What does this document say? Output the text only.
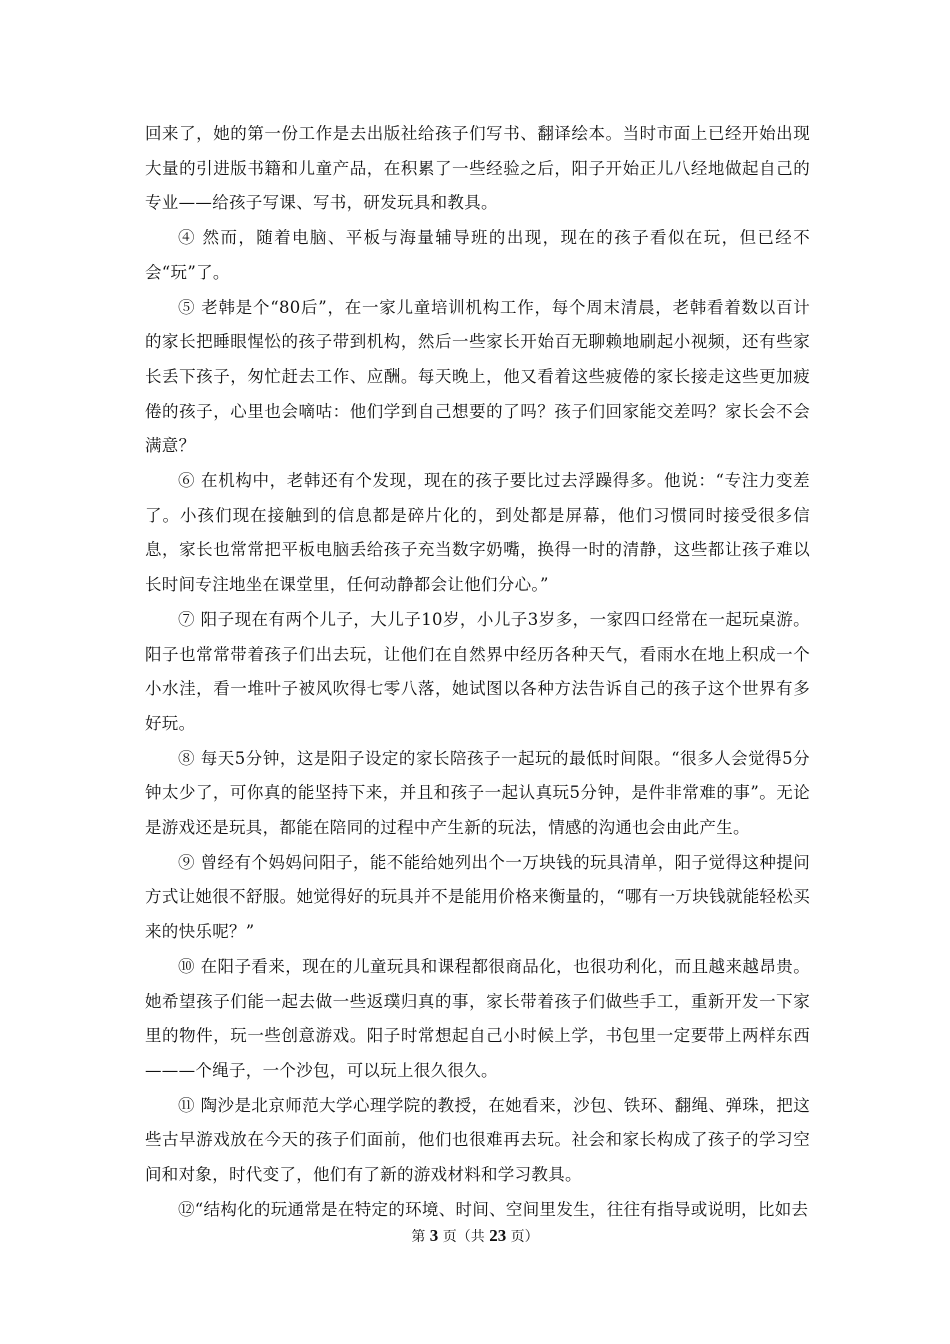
回来了，她的第一份工作是去出版社给孩子们写书、翻译绘本。当时市面上已经开始出现大量的引进版书籍和儿童产品，在积累了一些经验之后，阳子开始正儿八经地做起自己的专业——给孩子写课、写书，研发玩具和教具。

④ 然而，随着电脑、平板与海量辅导班的出现，现在的孩子看似在玩，但已经不会“玩”了。

⑤ 老韩是个“80后”，在一家儿童培训机构工作，每个周末清晨，老韩看着数以百计的家长把睡眼惺忪的孩子带到机构，然后一些家长开始百无聊赖地刷起小视频，还有些家长丢下孩子，匆忙赶去工作、应酬。每天晚上，他又看着这些疲倦的家长接走这些更加疲倦的孩子，心里也会嘀咕：他们学到自己想要的了吗？孩子们回家能交差吗？家长会不会满意？

⑥ 在机构中，老韩还有个发现，现在的孩子要比过去浮躁得多。他说：“专注力变差了。小孩们现在接触到的信息都是碎片化的，到处都是屏幕，他们习惯同时接受很多信息，家长也常常把平板电脑丢给孩子充当数字奶嘴，换得一时的清静，这些都让孩子难以长时间专注地坐在课堂里，任何动静都会让他们分心。”

⑦ 阳子现在有两个儿子，大儿子10岁，小儿子3岁多，一家四口经常在一起玩桌游。阳子也常常带着孩子们出去玩，让他们在自然界中经历各种天气，看雨水在地上积成一个小水洼，看一堆叶子被风吹得七零八落，她试图以各种方法告诉自己的孩子这个世界有多好玩。

⑧ 每天5分钟，这是阳子设定的家长陪孩子一起玩的最低时间限。“很多人会觉得5分钟太少了，可你真的能坚持下来，并且和孩子一起认真玩5分钟，是件非常难的事”。无论是游戏还是玩具，都能在陪同的过程中产生新的玩法，情感的沟通也会由此产生。

⑨ 曾经有个妈妈问阳子，能不能给她列出个一万块钱的玩具清单，阳子觉得这种提问方式让她很不舒服。她觉得好的玩具并不是能用价格来衡量的，“哪有一万块钱就能轻松买来的快乐呢？”

⑩ 在阳子看来，现在的儿童玩具和课程都很商品化，也很功利化，而且越来越昂贵。她希望孩子们能一起去做一些返璞归真的事，家长带着孩子们做些手工，重新开发一下家里的物件，玩一些创意游戏。阳子时常想起自己小时候上学，书包里一定要带上两样东西———个绳子，一个沙包，可以玩上很久很久。

⑪ 陶沙是北京师范大学心理学院的教授，在她看来，沙包、铁环、翻绳、弹珠，把这些古早游戏放在今天的孩子们面前，他们也很难再去玩。社会和家长构成了孩子的学习空间和对象，时代变了，他们有了新的游戏材料和学习教具。

⑫“结构化的玩通常是在特定的环境、时间、空间里发生，往往有指导或说明，比如去

第 3 页（共 23 页）
